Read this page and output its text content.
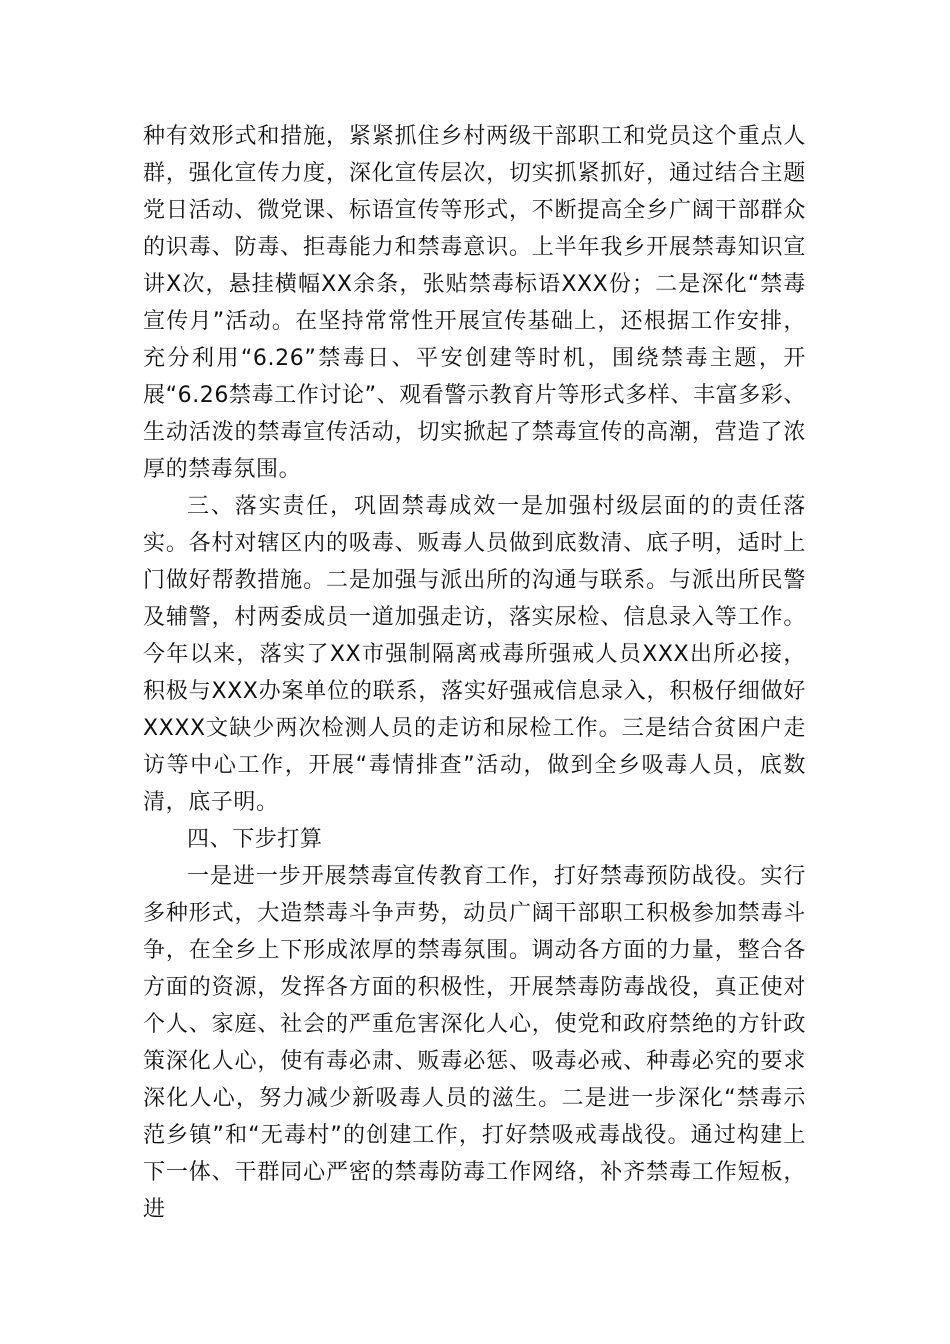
种有效形式和措施，紧紧抓住乡村两级干部职工和党员这个重点人群，强化宣传力度，深化宣传层次，切实抓紧抓好，通过结合主题党日活动、微党课、标语宣传等形式，不断提高全乡广阔干部群众的识毒、防毒、拒毒能力和禁毒意识。上半年我乡开展禁毒知识宣讲X次，悬挂横幅XX余条，张贴禁毒标语XXX份；二是深化“禁毒宣传月”活动。在坚持常常性开展宣传基础上，还根据工作安排，充分利用“6.26”禁毒日、平安创建等时机，围绕禁毒主题，开展“6.26禁毒工作讨论”、观看警示教育片等形式多样、丰富多彩、生动活泼的禁毒宣传活动，切实掀起了禁毒宣传的高潮，营造了浓厚的禁毒氛围。

三、落实责任，巩固禁毒成效一是加强村级层面的的责任落实。各村对辖区内的吸毒、贩毒人员做到底数清、底子明，适时上门做好帮教措施。二是加强与派出所的沟通与联系。与派出所民警及辅警，村两委成员一道加强走访，落实尿检、信息录入等工作。今年以来，落实了XX市强制隔离戒毒所强戒人员XXX出所必接，积极与XXX办案单位的联系，落实好强戒信息录入，积极仔细做好XXXX文缺少两次检测人员的走访和尿检工作。三是结合贫困户走访等中心工作，开展“毒情排查”活动，做到全乡吸毒人员，底数清，底子明。

四、下步打算

一是进一步开展禁毒宣传教育工作，打好禁毒预防战役。实行多种形式，大造禁毒斗争声势，动员广阔干部职工积极参加禁毒斗争，在全乡上下形成浓厚的禁毒氛围。调动各方面的力量，整合各方面的资源，发挥各方面的积极性，开展禁毒防毒战役，真正使对个人、家庭、社会的严重危害深化人心，使党和政府禁绝的方针政策深化人心，使有毒必肃、贩毒必惩、吸毒必戒、种毒必究的要求深化人心，努力减少新吸毒人员的滋生。二是进一步深化“禁毒示范乡镇”和“无毒村”的创建工作，打好禁吸戒毒战役。通过构建上下一体、干群同心严密的禁毒防毒工作网络，补齐禁毒工作短板，进
